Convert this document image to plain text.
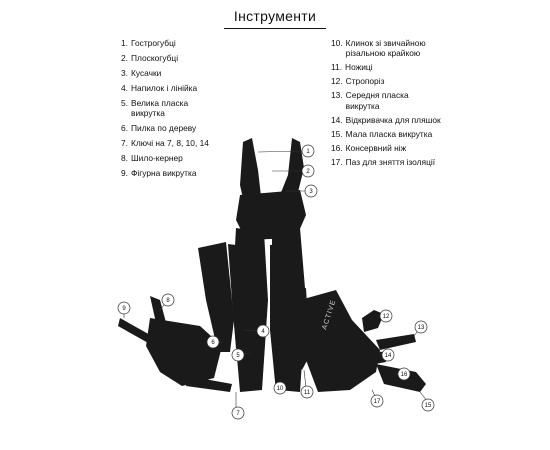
Інструменти
1. Гострогубці
2. Плоскогубці
3. Кусачки
4. Напилок і лінійка
5. Велика пласка викрутка
6. Пилка по дереву
7. Ключі на 7, 8, 10, 14
8. Шило-кернер
9. Фігурна викрутка
10. Клинок зі звичайною різальною крайкою
11. Ножиці
12. Стропоріз
13. Середня пласка викрутка
14. Відкривачка для пляшок
15. Мала пласка викрутка
16. Консервний ніж
17. Паз для зняття ізоляції
ACTIVE
1
2
3
4
5
6
7
8
9
10
11
12
13
14
15
16
17
